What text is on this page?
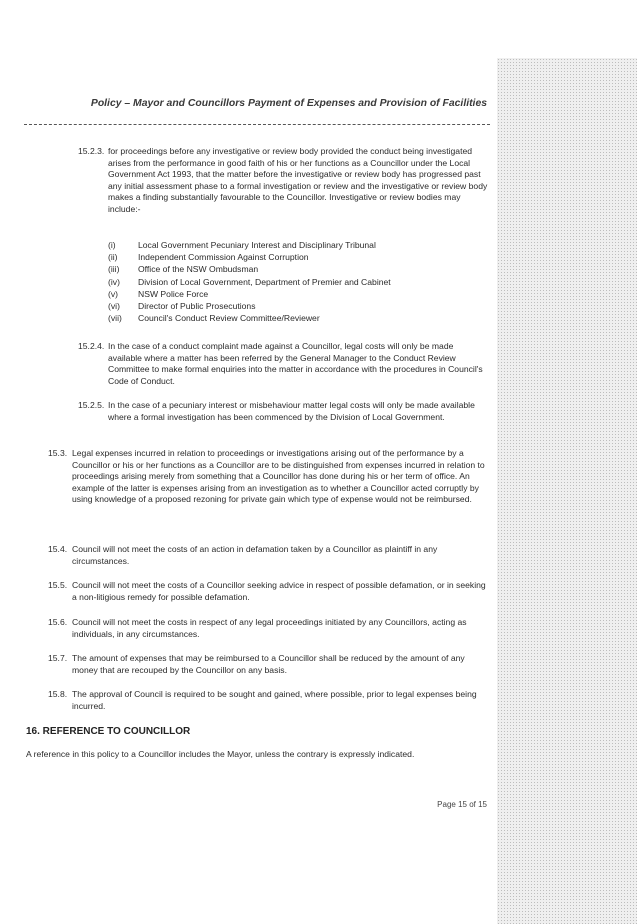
Policy – Mayor and Councillors Payment of Expenses and Provision of Facilities
15.2.3. for proceedings before any investigative or review body provided the conduct being investigated arises from the performance in good faith of his or her functions as a Councillor under the Local Government Act 1993, that the matter before the investigative or review body has progressed past any initial assessment phase to a formal investigation or review and the investigative or review body makes a finding substantially favourable to the Councillor. Investigative or review bodies may include:-
(i)	Local Government Pecuniary Interest and Disciplinary Tribunal
(ii) Independent Commission Against Corruption
(iii) Office of the NSW Ombudsman
(iv) Division of Local Government, Department of Premier and Cabinet
(v) NSW Police Force
(vi) Director of Public Prosecutions
(vii) Council's Conduct Review Committee/Reviewer
15.2.4. In the case of a conduct complaint made against a Councillor, legal costs will only be made available where a matter has been referred by the General Manager to the Conduct Review Committee to make formal enquiries into the matter in accordance with the procedures in Council's Code of Conduct.
15.2.5. In the case of a pecuniary interest or misbehaviour matter legal costs will only be made available where a formal investigation has been commenced by the Division of Local Government.
15.3. Legal expenses incurred in relation to proceedings or investigations arising out of the performance by a Councillor or his or her functions as a Councillor are to be distinguished from expenses incurred in relation to proceedings arising merely from something that a Councillor has done during his or her term of office. An example of the latter is expenses arising from an investigation as to whether a Councillor acted corruptly by using knowledge of a proposed rezoning for private gain which type of expense would not be reimbursed.
15.4. Council will not meet the costs of an action in defamation taken by a Councillor as plaintiff in any circumstances.
15.5. Council will not meet the costs of a Councillor seeking advice in respect of possible defamation, or in seeking a non-litigious remedy for possible defamation.
15.6. Council will not meet the costs in respect of any legal proceedings initiated by any Councillors, acting as individuals, in any circumstances.
15.7. The amount of expenses that may be reimbursed to a Councillor shall be reduced by the amount of any money that are recouped by the Councillor on any basis.
15.8. The approval of Council is required to be sought and gained, where possible, prior to legal expenses being incurred.
16. REFERENCE TO COUNCILLOR
A reference in this policy to a Councillor includes the Mayor, unless the contrary is expressly indicated.
Page 15 of 15
